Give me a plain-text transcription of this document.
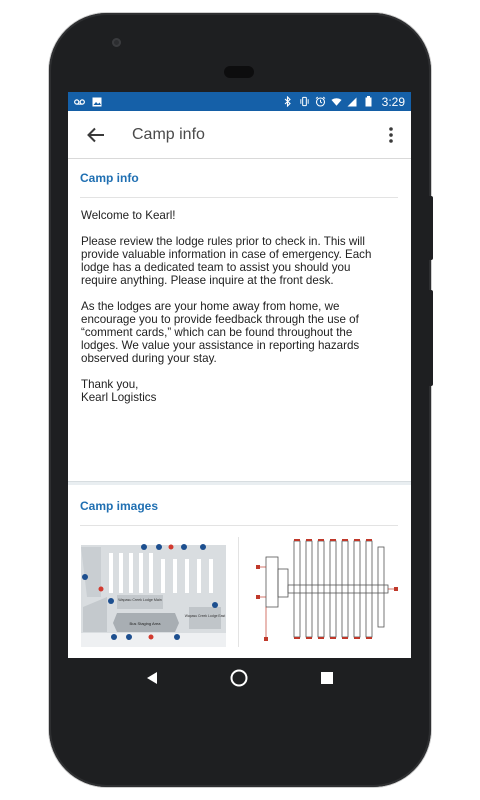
3:29
Camp info
Camp info

Welcome to Kearl!

Please review the lodge rules prior to check in. This will
provide valuable information in case of emergency. Each
lodge has a dedicated team to assist you should you
require anything. Please inquire at the front desk.

As the lodges are your home away from home, we
encourage you to provide feedback through the use of
“comment cards,” which can be found throughout the
lodges. We value your assistance in reporting hazards
observed during your stay.

Thank you,
Kearl Logistics

Camp images
Wapasu Creek Lodge Main
Bus Staging Area
Wapasu Creek Lodge East
